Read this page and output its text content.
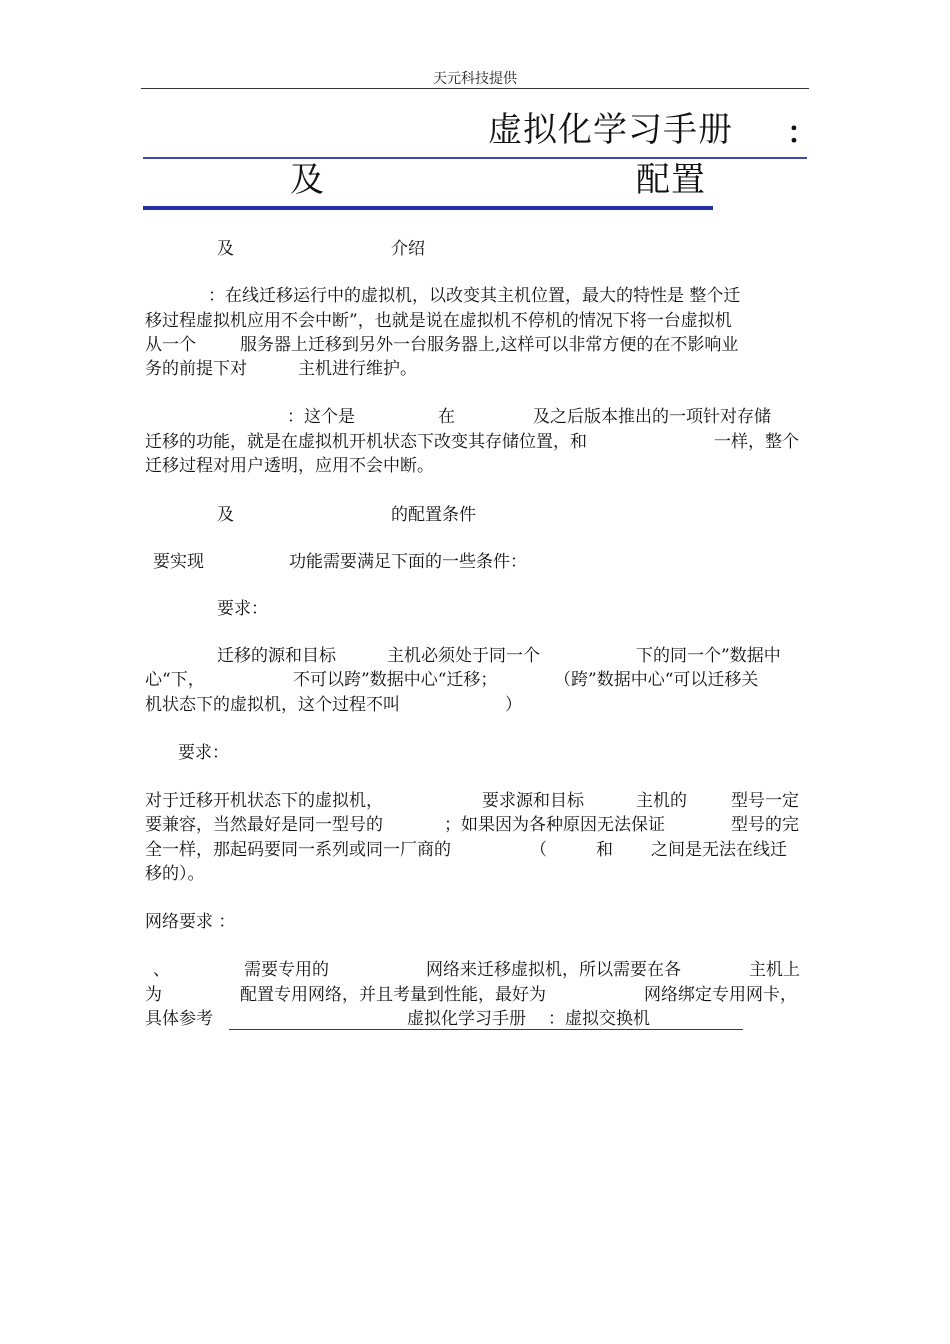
天元科技提供
虚拟化学习手册 ：
及	配置
及	介绍
：在线迁移运行中的虚拟机，以改变其主机位置，最大的特性是 整个迁
移过程虚拟机应用不会中断”，也就是说在虚拟机不停机的情况下将一台虚拟机
从一个	服务器上迁移到另外一台服务器上,这样可以非常方便的在不影响业
务的前提下对	主机进行维护。
：这个是	在	及之后版本推出的一项针对存储
迁移的功能，就是在虚拟机开机状态下改变其存储位置，和	一样，整个
迁移过程对用户透明，应用不会中断。
及	的配置条件
要实现	功能需要满足下面的一些条件：
要求：
迁移的源和目标	主机必须处于同一个	下的同一个”数据中
心“下，	不可以跨”数据中心“迁移；	（跨”数据中心“可以迁移关
机状态下的虚拟机，这个过程不叫	）
要求：
对于迁移开机状态下的虚拟机，	要求源和目标	主机的	型号一定
要兼容，当然最好是同一型号的	；如果因为各种原因无法保证	型号的完
全一样，那起码要同一系列或同一厂商的	（	和 之间是无法在线迁
移的）。
网络要求 ：
、	需要专用的	网络来迁移虚拟机，所以需要在各	主机上
为	配置专用网络，并且考量到性能，最好为	网络绑定专用网卡，
具体参考	虚拟化学习手册 ：虚拟交换机
